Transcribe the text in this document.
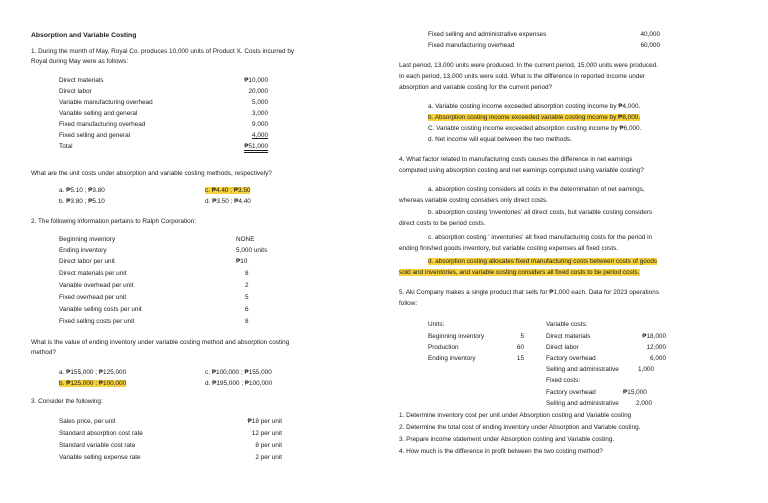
Absorption and Variable Costing
1. During the month of May, Royal Co. produces 10,000 units of Product X. Costs incurred by
Royal during May were as follows:
Direct materials	₱10,000
Direct labor	20,000
Variable manufacturing overhead	5,000
Variable selling and general	3,000
Fixed manufacturing overhead	9,000
Fixed selling and general	4,000
Total	₱51,000
What are the unit costs under absorption and variable costing methods, respectively?
a. ₱5.10 ; ₱3.80
b. ₱3.80 ; ₱5.10
c. ₱4.40 ; ₱3.50
d. ₱3.50 ; ₱4.40
2. The following information pertains to Ralph Corporation:
Beginning inventory	NONE
Ending inventory	5,000 units
Direct labor per unit	₱10
Direct materials per unit	8
Variable overhead per unit	2
Fixed overhead per unit	5
Variable selling costs per unit	6
Fixed selling costs per unit	8
What is the value of ending inventory under variable costing method and absorption costing
method?
a. ₱155,000 ; ₱125,000
b. ₱125,000 ; ₱100,000
c. ₱100,000 ; ₱155,000
d. ₱195,000 ; ₱100,000
3. Consider the following:
Sales price, per unit	₱18 per unit
Standard absorption cost rate	12 per unit
Standard variable cost rate	8 per unit
Variable selling expense rate	2 per unit
Fixed selling and administrative expenses	40,000
Fixed manufacturing overhead	60,000
Last period, 13,000 units were produced. In the current period, 15,000 units were produced.
In each period, 13,000 units were sold. What is the difference in reported income under
absorption and variable costing for the current period?
a. Variable costing income exceeded absorption costing income by ₱4,000.
b. Absorption costing income exceeded variable costing income by ₱8,000.
C. Variable costing income exceeded absorption costing income by ₱6,000.
d. Net income will equal between the two methods.
4. What factor related to manufacturing costs causes the difference in net earnings
computed using absorption costing and net earnings computed using variable costing?
a. absorption costing considers all costs in the determination of net earnings,
whereas variable costing considers only direct costs.
b. absorption costing 'inventories' all direct costs, but variable costing considers
direct costs to be period costs.
c. absorption costing ' inventories' all fixed manufacturing costs for the period in
ending finished goods inventory, but variable costing expenses all fixed costs.
d. absorption costing allocates fixed manufacturing costs between costs of goods
sold and inventories, and variable costing considers all fixed costs to be period costs.
5. Aki Company makes a single product that sells for ₱1,000 each. Data for 2023 operations
follow:
Units:
Beginning inventory	5
Production	60
Ending inventory	15
Variable costs:
Direct materials	₱18,000
Direct labor	12,000
Factory overhead	6,000
Selling and administrative	1,000
Fixed costs:
Factory overhead	₱15,000
Selling and administrative	2,000
1. Determine inventory cost per unit under Absorption costing and Variable costing
2. Determine the total cost of ending inventory under Absorption and Variable costing.
3. Prepare income statement under Absorption costing and Variable costing.
4. How much is the difference in profit between the two costing method?
